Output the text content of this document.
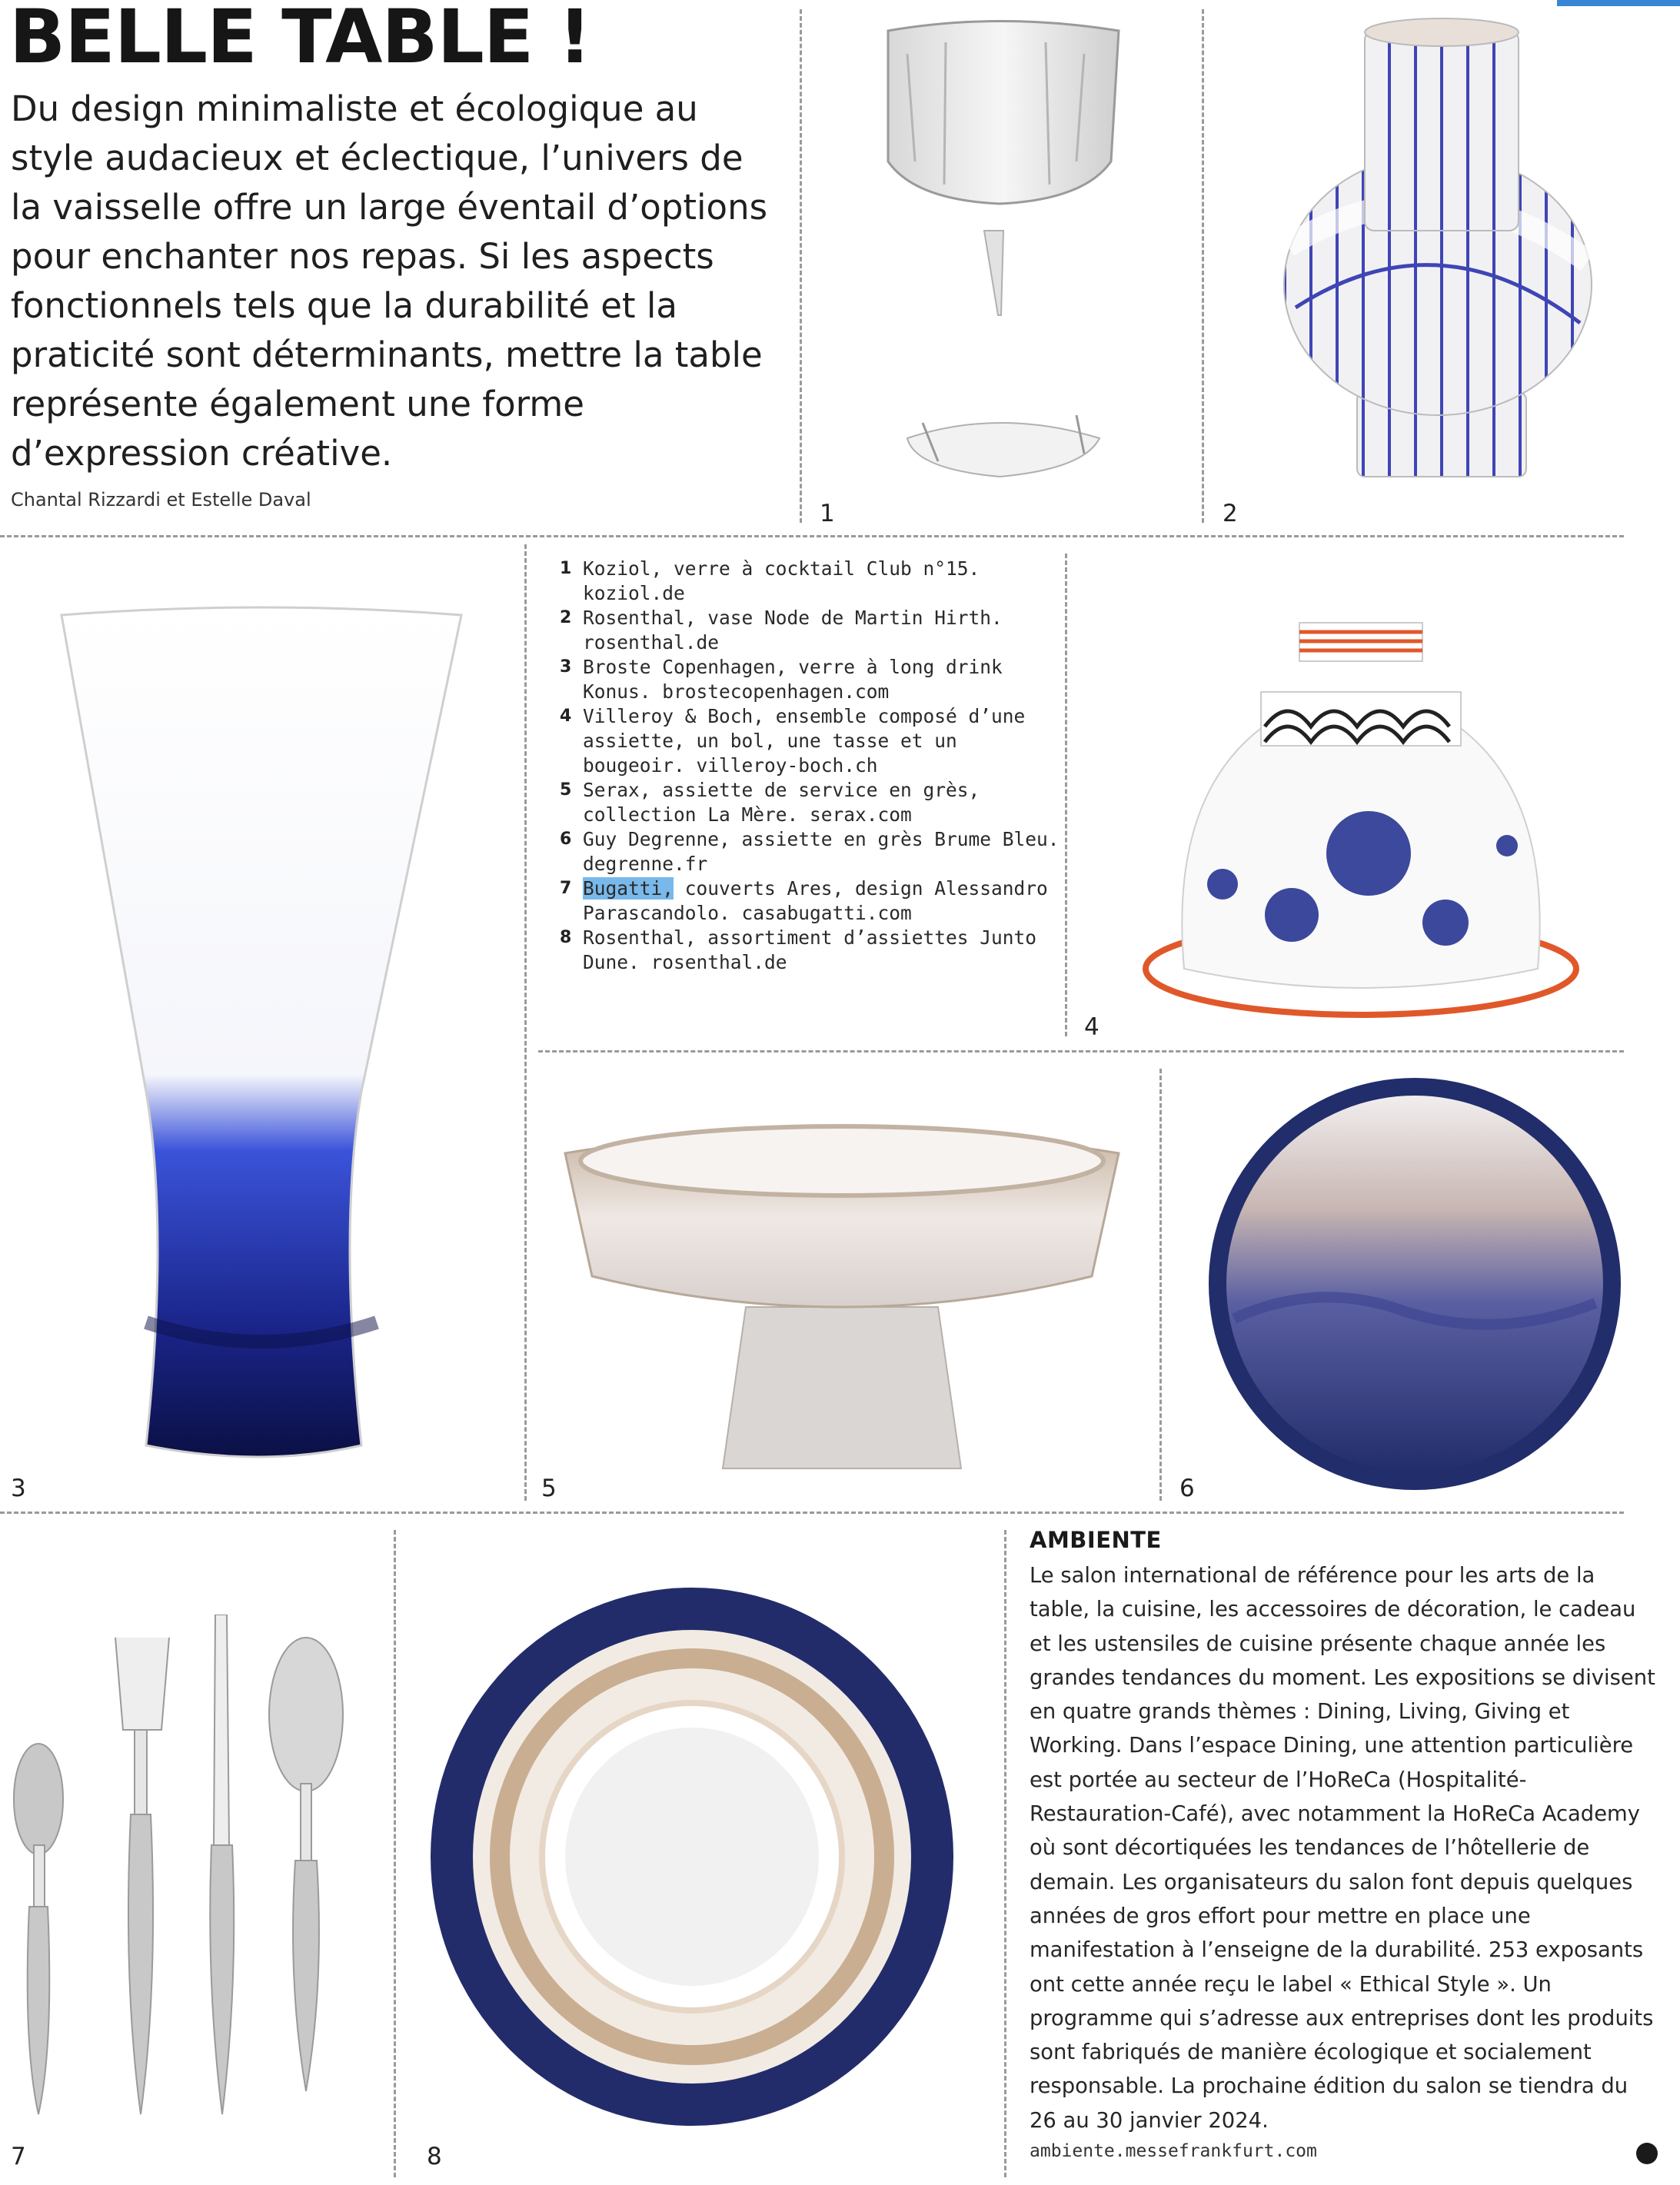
BELLE TABLE !

Du design minimaliste et écologique au style audacieux et éclectique, l’univers de la vaisselle offre un large éventail d’options pour enchanter nos repas. Si les aspects fonctionnels tels que la durabilité et la praticité sont déterminants, mettre la table représente également une forme d’expression créative.

Chantal Rizzardi et Estelle Daval	1	2
3
4
5	6
7	8
1 Koziol, verre à cocktail Club n°15. koziol.de
2 Rosenthal, vase Node de Martin Hirth. rosenthal.de
3 Broste Copenhagen, verre à long drink Konus. brostecopenhagen.com
4 Villeroy & Boch, ensemble composé d’une assiette, un bol, une tasse et un bougeoir. villeroy-boch.ch
5 Serax, assiette de service en grès, collection La Mère. serax.com
6 Guy Degrenne, assiette en grès Brume Bleu. degrenne.fr
7 Bugatti, couverts Ares, design Alessandro Parascandolo. casabugatti.com
8 Rosenthal, assortiment d’assiettes Junto Dune. rosenthal.de
AMBIENTE

Le salon international de référence pour les arts de la table, la cuisine, les accessoires de décoration, le cadeau et les ustensiles de cuisine présente chaque année les grandes tendances du moment. Les expositions se divisent en quatre grands thèmes : Dining, Living, Giving et Working. Dans l’espace Dining, une attention particulière est portée au secteur de l’HoReCa (Hospitalité-Restauration-Café), avec notamment la HoReCa Academy où sont décortiquées les tendances de l’hôtellerie de demain. Les organisateurs du salon font depuis quelques années de gros effort pour mettre en place une manifestation à l’enseigne de la durabilité. 253 exposants ont cette année reçu le label « Ethical Style ». Un programme qui s’adresse aux entreprises dont les produits sont fabriqués de manière écologique et socialement responsable. La prochaine édition du salon se tiendra du 26 au 30 janvier 2024.

ambiente.messefrankfurt.com
